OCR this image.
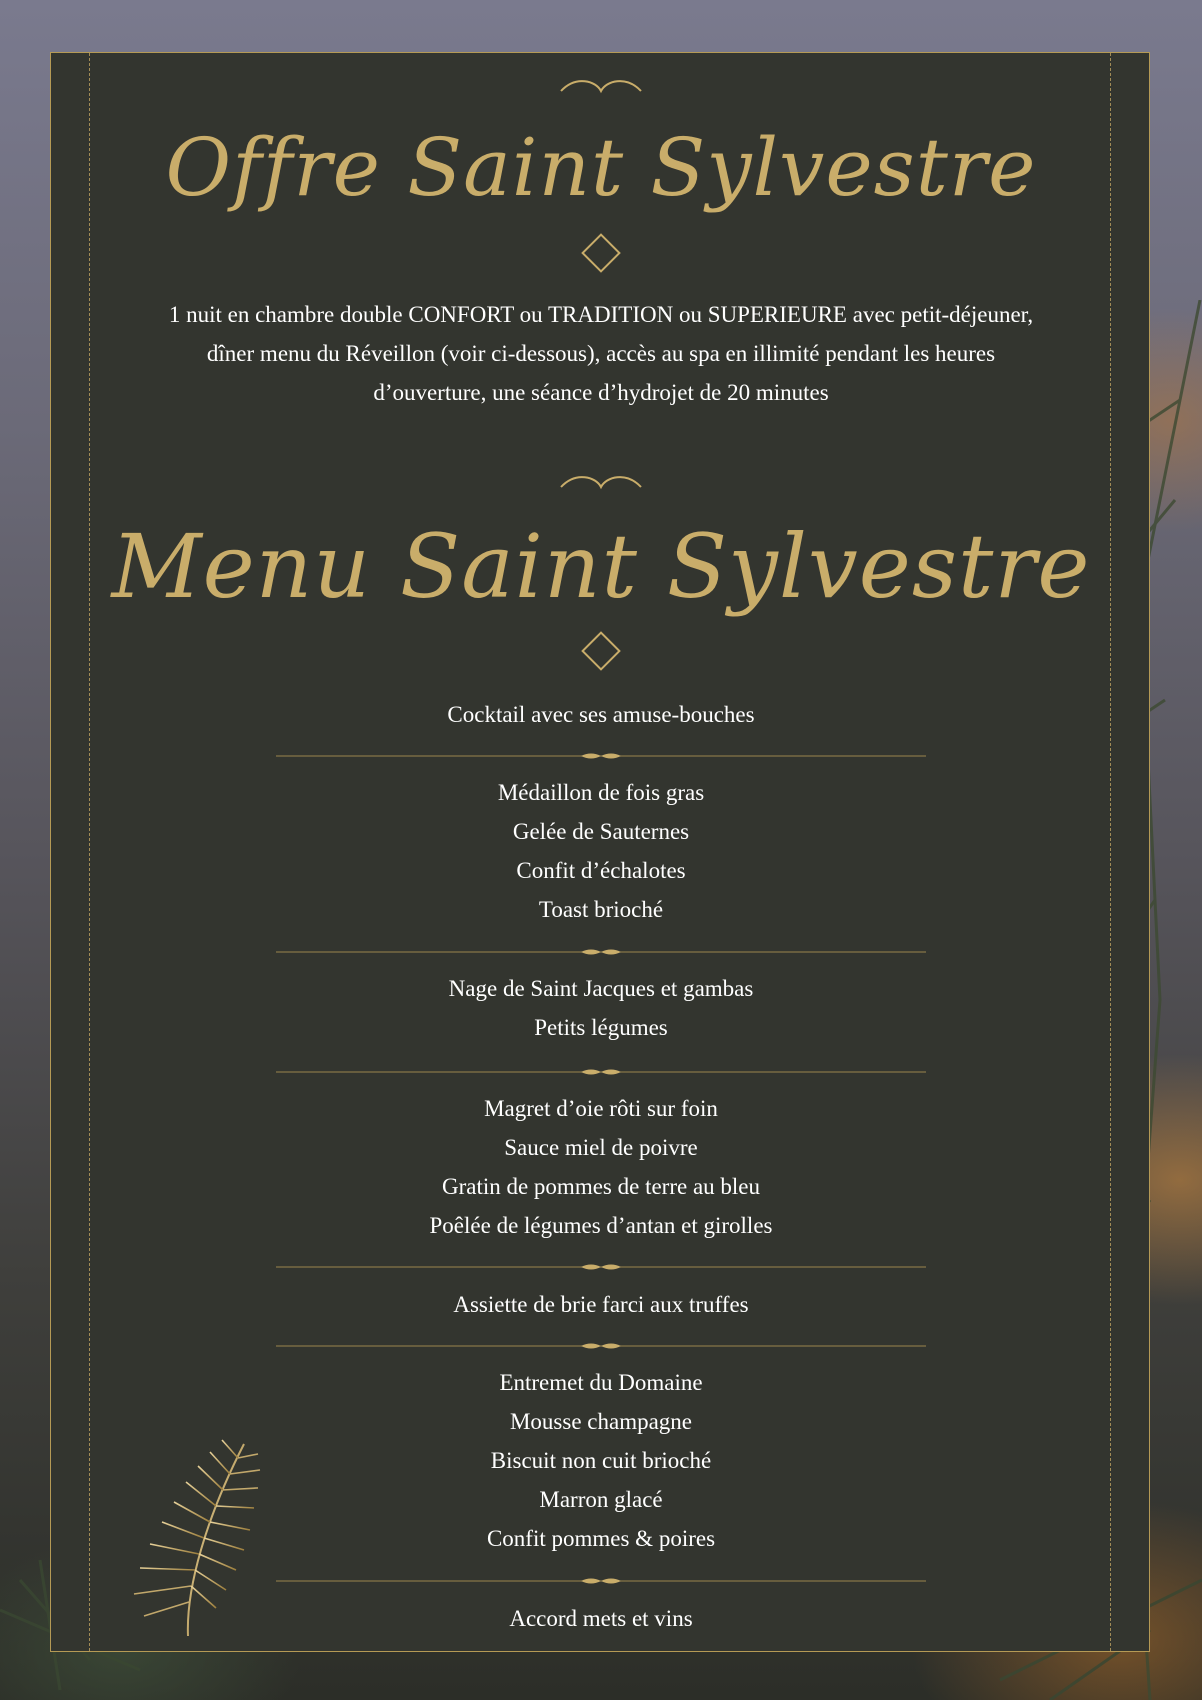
Offre Saint Sylvestre
1 nuit en chambre double CONFORT ou TRADITION ou SUPERIEURE avec petit-déjeuner, dîner menu du Réveillon (voir ci-dessous), accès au spa en illimité pendant les heures d’ouverture, une séance d’hydrojet de 20 minutes
Menu Saint Sylvestre
Cocktail avec ses amuse-bouches
Médaillon de fois gras
Gelée de Sauternes
Confit d’échalotes
Toast brioché
Nage de Saint Jacques et gambas
Petits légumes
Magret d’oie rôti sur foin
Sauce miel de poivre
Gratin de pommes de terre au bleu
Poêlée de légumes d’antan et girolles
Assiette de brie farci aux truffes
Entremet du Domaine
Mousse champagne
Biscuit non cuit brioché
Marron glacé
Confit pommes & poires
Accord mets et vins
